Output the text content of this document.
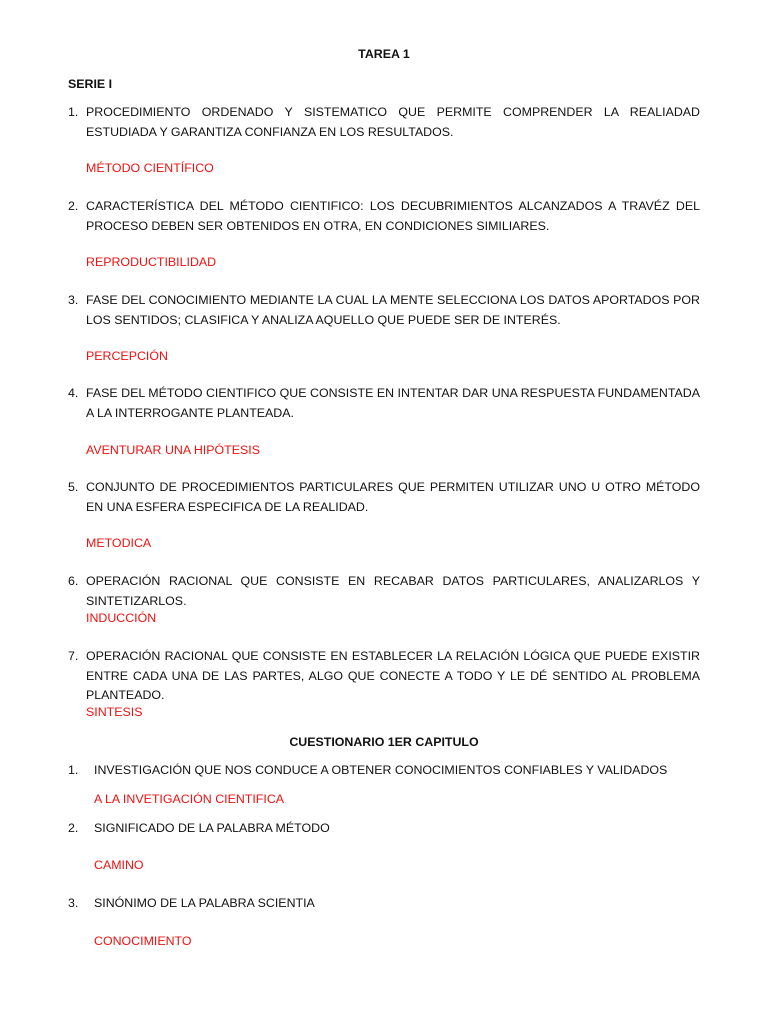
TAREA 1
SERIE I
1. PROCEDIMIENTO ORDENADO Y SISTEMATICO QUE PERMITE COMPRENDER LA REALIADAD ESTUDIADA Y GARANTIZA CONFIANZA EN LOS RESULTADOS.
MÉTODO CIENTÍFICO
2. CARACTERÍSTICA DEL MÉTODO CIENTIFICO: LOS DECUBRIMIENTOS ALCANZADOS A TRAVÉZ DEL PROCESO DEBEN SER OBTENIDOS EN OTRA, EN CONDICIONES SIMILIARES.
REPRODUCTIBILIDAD
3. FASE DEL CONOCIMIENTO MEDIANTE LA CUAL LA MENTE SELECCIONA LOS DATOS APORTADOS POR LOS SENTIDOS; CLASIFICA Y ANALIZA AQUELLO QUE PUEDE SER DE INTERÉS.
PERCEPCIÓN
4. FASE DEL MÉTODO CIENTIFICO QUE CONSISTE EN INTENTAR DAR UNA RESPUESTA FUNDAMENTADA A LA INTERROGANTE PLANTEADA.
AVENTURAR UNA HIPÓTESIS
5. CONJUNTO DE PROCEDIMIENTOS PARTICULARES QUE PERMITEN UTILIZAR UNO U OTRO MÉTODO EN UNA ESFERA ESPECIFICA DE LA REALIDAD.
METODICA
6. OPERACIÓN RACIONAL QUE CONSISTE EN RECABAR DATOS PARTICULARES, ANALIZARLOS Y SINTETIZARLOS.
INDUCCIÓN
7. OPERACIÓN RACIONAL QUE CONSISTE EN ESTABLECER LA RELACIÓN LÓGICA QUE PUEDE EXISTIR ENTRE CADA UNA DE LAS PARTES, ALGO QUE CONECTE A TODO Y LE DÉ SENTIDO AL PROBLEMA PLANTEADO.
SINTESIS
CUESTIONARIO 1ER CAPITULO
1. INVESTIGACIÓN QUE NOS CONDUCE A OBTENER CONOCIMIENTOS CONFIABLES Y VALIDADOS
A LA INVETIGACIÓN CIENTIFICA
2. SIGNIFICADO DE LA PALABRA MÉTODO
CAMINO
3. SINÓNIMO DE LA PALABRA SCIENTIA
CONOCIMIENTO
